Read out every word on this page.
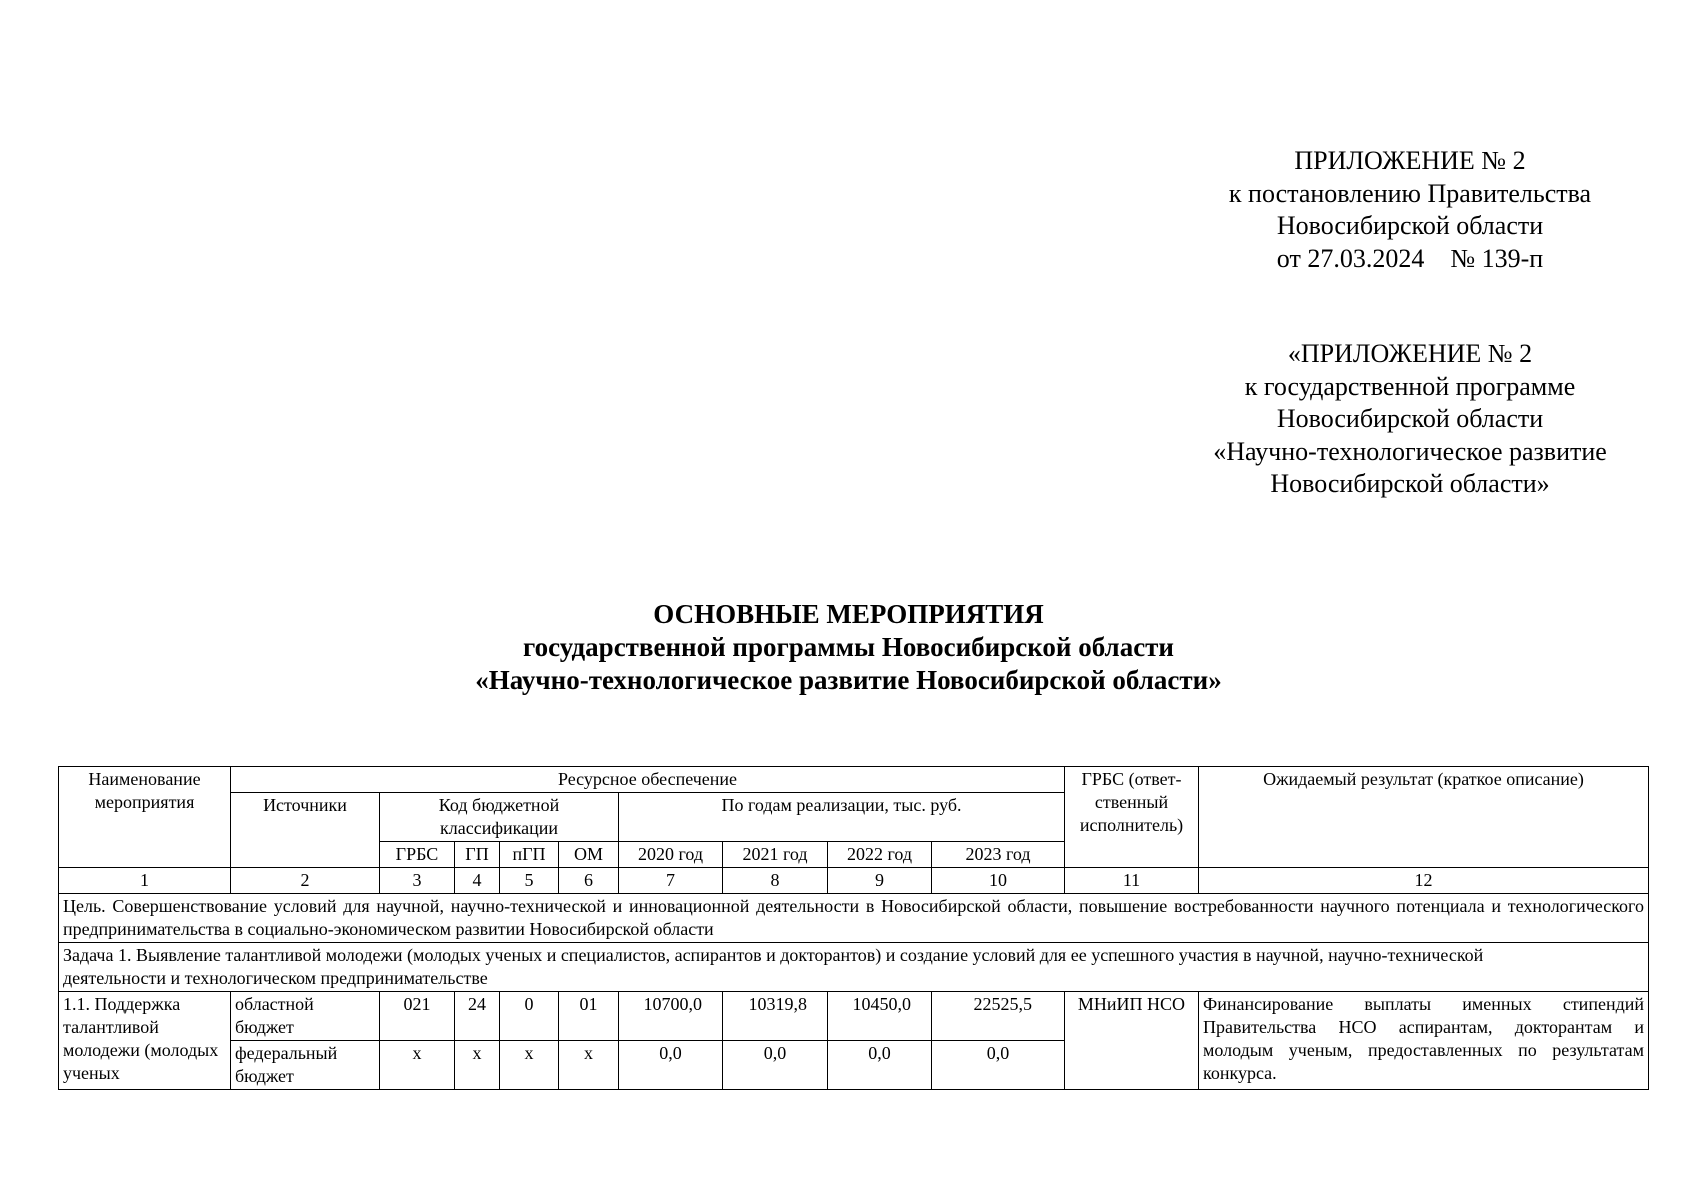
ПРИЛОЖЕНИЕ № 2
к постановлению Правительства
Новосибирской области
от 27.03.2024    № 139-п
«ПРИЛОЖЕНИЕ № 2
к государственной программе
Новосибирской области
«Научно-технологическое развитие
Новосибирской области»
ОСНОВНЫЕ МЕРОПРИЯТИЯ
государственной программы Новосибирской области
«Научно-технологическое развитие Новосибирской области»
Наименование мероприятия	Ресурсное обеспечение									ГРБС (ответ-ственный исполнитель)	Ожидаемый результат (краткое описание)
	Источники	Код бюджетной классификации				По годам реализации, тыс. руб.					
		ГРБС	ГП	пГП	ОМ	2020 год	2021 год	2022 год	2023 год		
1	2	3	4	5	6	7	8	9	10	11	12
Цель. Совершенствование условий для научной, научно-технической и инновационной деятельности в Новосибирской области, повышение востребованности научного потенциала и технологического предпринимательства в социально-экономическом развитии Новосибирской области											
Задача 1. Выявление талантливой молодежи (молодых ученых и специалистов, аспирантов и докторантов) и создание условий для ее успешного участия в научной, научно-технической деятельности и технологическом предпринимательстве											
1.1. Поддержка талантливой молодежи (молодых ученых	областной бюджет	021	24	0	01	10700,0	10319,8	10450,0	22525,5	МНиИП НСО	Финансирование выплаты именных стипендий Правительства НСО аспирантам, докторантам и молодым ученым, предоставленных по результатам конкурса.
	федеральный бюджет	x	x	x	x	0,0	0,0	0,0	0,0		
